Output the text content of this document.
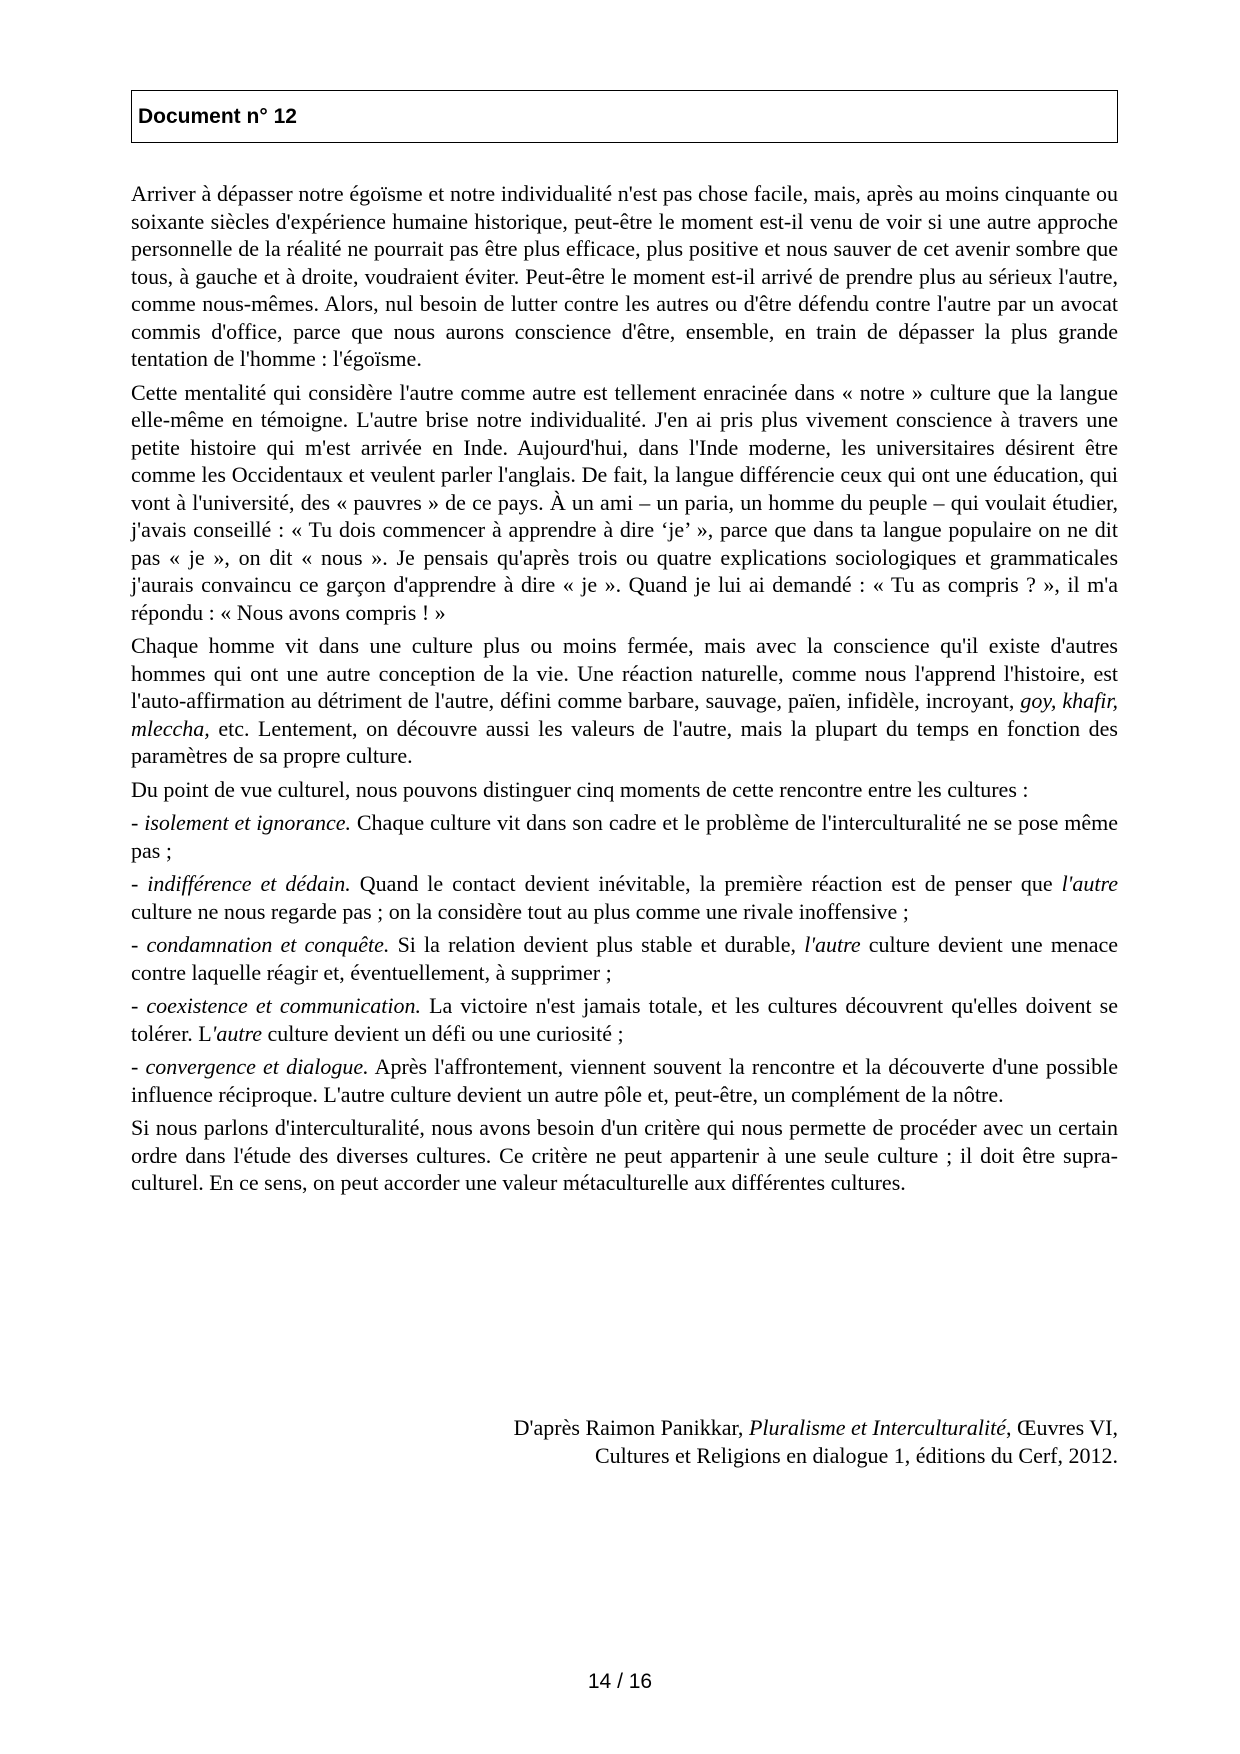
Document n° 12

Arriver à dépasser notre égoïsme et notre individualité n'est pas chose facile, mais, après au moins cinquante ou soixante siècles d'expérience humaine historique, peut-être le moment est-il venu de voir si une autre approche personnelle de la réalité ne pourrait pas être plus efficace, plus positive et nous sauver de cet avenir sombre que tous, à gauche et à droite, voudraient éviter. Peut-être le moment est-il arrivé de prendre plus au sérieux l'autre, comme nous-mêmes. Alors, nul besoin de lutter contre les autres ou d'être défendu contre l'autre par un avocat commis d'office, parce que nous aurons conscience d'être, ensemble, en train de dépasser la plus grande tentation de l'homme : l'égoïsme.

Cette mentalité qui considère l'autre comme autre est tellement enracinée dans « notre » culture que la langue elle-même en témoigne. L'autre brise notre individualité. J'en ai pris plus vivement conscience à travers une petite histoire qui m'est arrivée en Inde. Aujourd'hui, dans l'Inde moderne, les universitaires désirent être comme les Occidentaux et veulent parler l'anglais. De fait, la langue différencie ceux qui ont une éducation, qui vont à l'université, des « pauvres » de ce pays. À un ami – un paria, un homme du peuple – qui voulait étudier, j'avais conseillé : « Tu dois commencer à apprendre à dire ‘je’ », parce que dans ta langue populaire on ne dit pas « je », on dit « nous ». Je pensais qu'après trois ou quatre explications sociologiques et grammaticales j'aurais convaincu ce garçon d'apprendre à dire « je ». Quand je lui ai demandé : « Tu as compris ? », il m'a répondu : « Nous avons compris ! »

Chaque homme vit dans une culture plus ou moins fermée, mais avec la conscience qu'il existe d'autres hommes qui ont une autre conception de la vie. Une réaction naturelle, comme nous l'apprend l'histoire, est l'auto-affirmation au détriment de l'autre, défini comme barbare, sauvage, païen, infidèle, incroyant, goy, khafir, mleccha, etc. Lentement, on découvre aussi les valeurs de l'autre, mais la plupart du temps en fonction des paramètres de sa propre culture.

Du point de vue culturel, nous pouvons distinguer cinq moments de cette rencontre entre les cultures :

- isolement et ignorance. Chaque culture vit dans son cadre et le problème de l'interculturalité ne se pose même pas ;

- indifférence et dédain. Quand le contact devient inévitable, la première réaction est de penser que l'autre culture ne nous regarde pas ; on la considère tout au plus comme une rivale inoffensive ;

- condamnation et conquête. Si la relation devient plus stable et durable, l'autre culture devient une menace contre laquelle réagir et, éventuellement, à supprimer ;

- coexistence et communication. La victoire n'est jamais totale, et les cultures découvrent qu'elles doivent se tolérer. L'autre culture devient un défi ou une curiosité ;

- convergence et dialogue. Après l'affrontement, viennent souvent la rencontre et la découverte d'une possible influence réciproque. L'autre culture devient un autre pôle et, peut-être, un complément de la nôtre.

Si nous parlons d'interculturalité, nous avons besoin d'un critère qui nous permette de procéder avec un certain ordre dans l'étude des diverses cultures. Ce critère ne peut appartenir à une seule culture ; il doit être supra-culturel. En ce sens, on peut accorder une valeur métaculturelle aux différentes cultures.

D'après Raimon Panikkar, Pluralisme et Interculturalité, Œuvres VI,

Cultures et Religions en dialogue 1, éditions du Cerf, 2012.

14 / 16
